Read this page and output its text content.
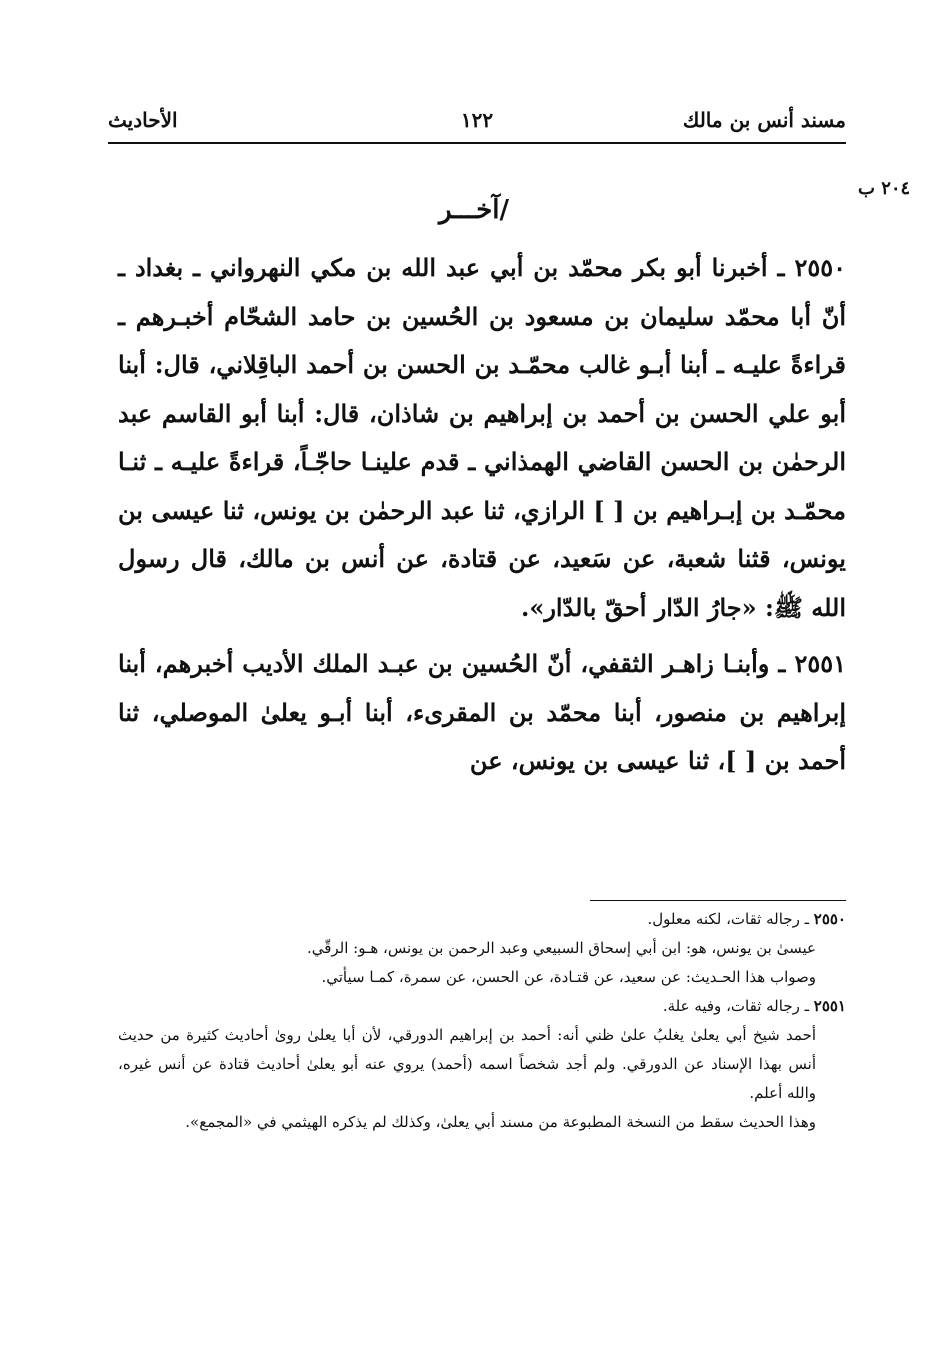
مسند أنس بن مالك
١٢٢
الأحاديث
٢٠٤ ب
/آخـــر

٢٥٥٠ ـ أخبرنا أبو بكر محمّد بن أبي عبد الله بن مكي النهرواني ـ بغداد ـ أنّ أبا محمّد سليمان بن مسعود بن الحُسين بن حامد الشحّام أخبـرهم ـ قراءةً عليـه ـ أبنا أبـو غالب محمّـد بن الحسن بن أحمد الباقِلاني، قال: أبنا أبو علي الحسن بن أحمد بن إبراهيم بن شاذان، قال: أبنا أبو القاسم عبد الرحمٰن بن الحسن القاضي الهمذاني ـ قدم علينـا حاجّـاً، قراءةً عليـه ـ ثنـا محمّـد بن إبـراهيم بن [ ] الرازي، ثنا عبد الرحمٰن بن يونس، ثنا عيسى بن يونس، قثنا شعبة، عن سَعيد، عن قتادة، عن أنس بن مالك، قال رسول الله ﷺ: «جارُ الدّار أحقّ بالدّار».

٢٥٥١ ـ وأبنـا زاهـر الثقفي، أنّ الحُسين بن عبـد الملك الأديب أخبرهم، أبنا إبراهيم بن منصور، أبنا محمّد بن المقرىء، أبنا أبـو يعلىٰ الموصلي، ثنا أحمد بن [ ]، ثنا عيسى بن يونس، عن

٢٥٥٠ ـ رجاله ثقات، لكنه معلول.

عيسىٰ بن يونس، هو: ابن أبي إسحاق السبيعي وعبد الرحمن بن يونس، هـو: الرقّي.

وصواب هذا الحـديث: عن سعيد، عن قتـادة، عن الحسن، عن سمرة، كمـا سيأتي.

٢٥٥١ ـ رجاله ثقات، وفيه علة.

أحمد شيخ أبي يعلىٰ يغلبُ علىٰ ظني أنه: أحمد بن إبراهيم الدورقي، لأن أبا يعلىٰ روىٰ أحاديث كثيرة من حديث أنس بهذا الإسناد عن الدورقي. ولم أجد شخصاً اسمه (أحمد) يروي عنه أبو يعلىٰ أحاديث قتادة عن أنس غيره، والله أعلم.

وهذا الحديث سقط من النسخة المطبوعة من مسند أبي يعلىٰ، وكذلك لم يذكره الهيثمي في «المجمع».
